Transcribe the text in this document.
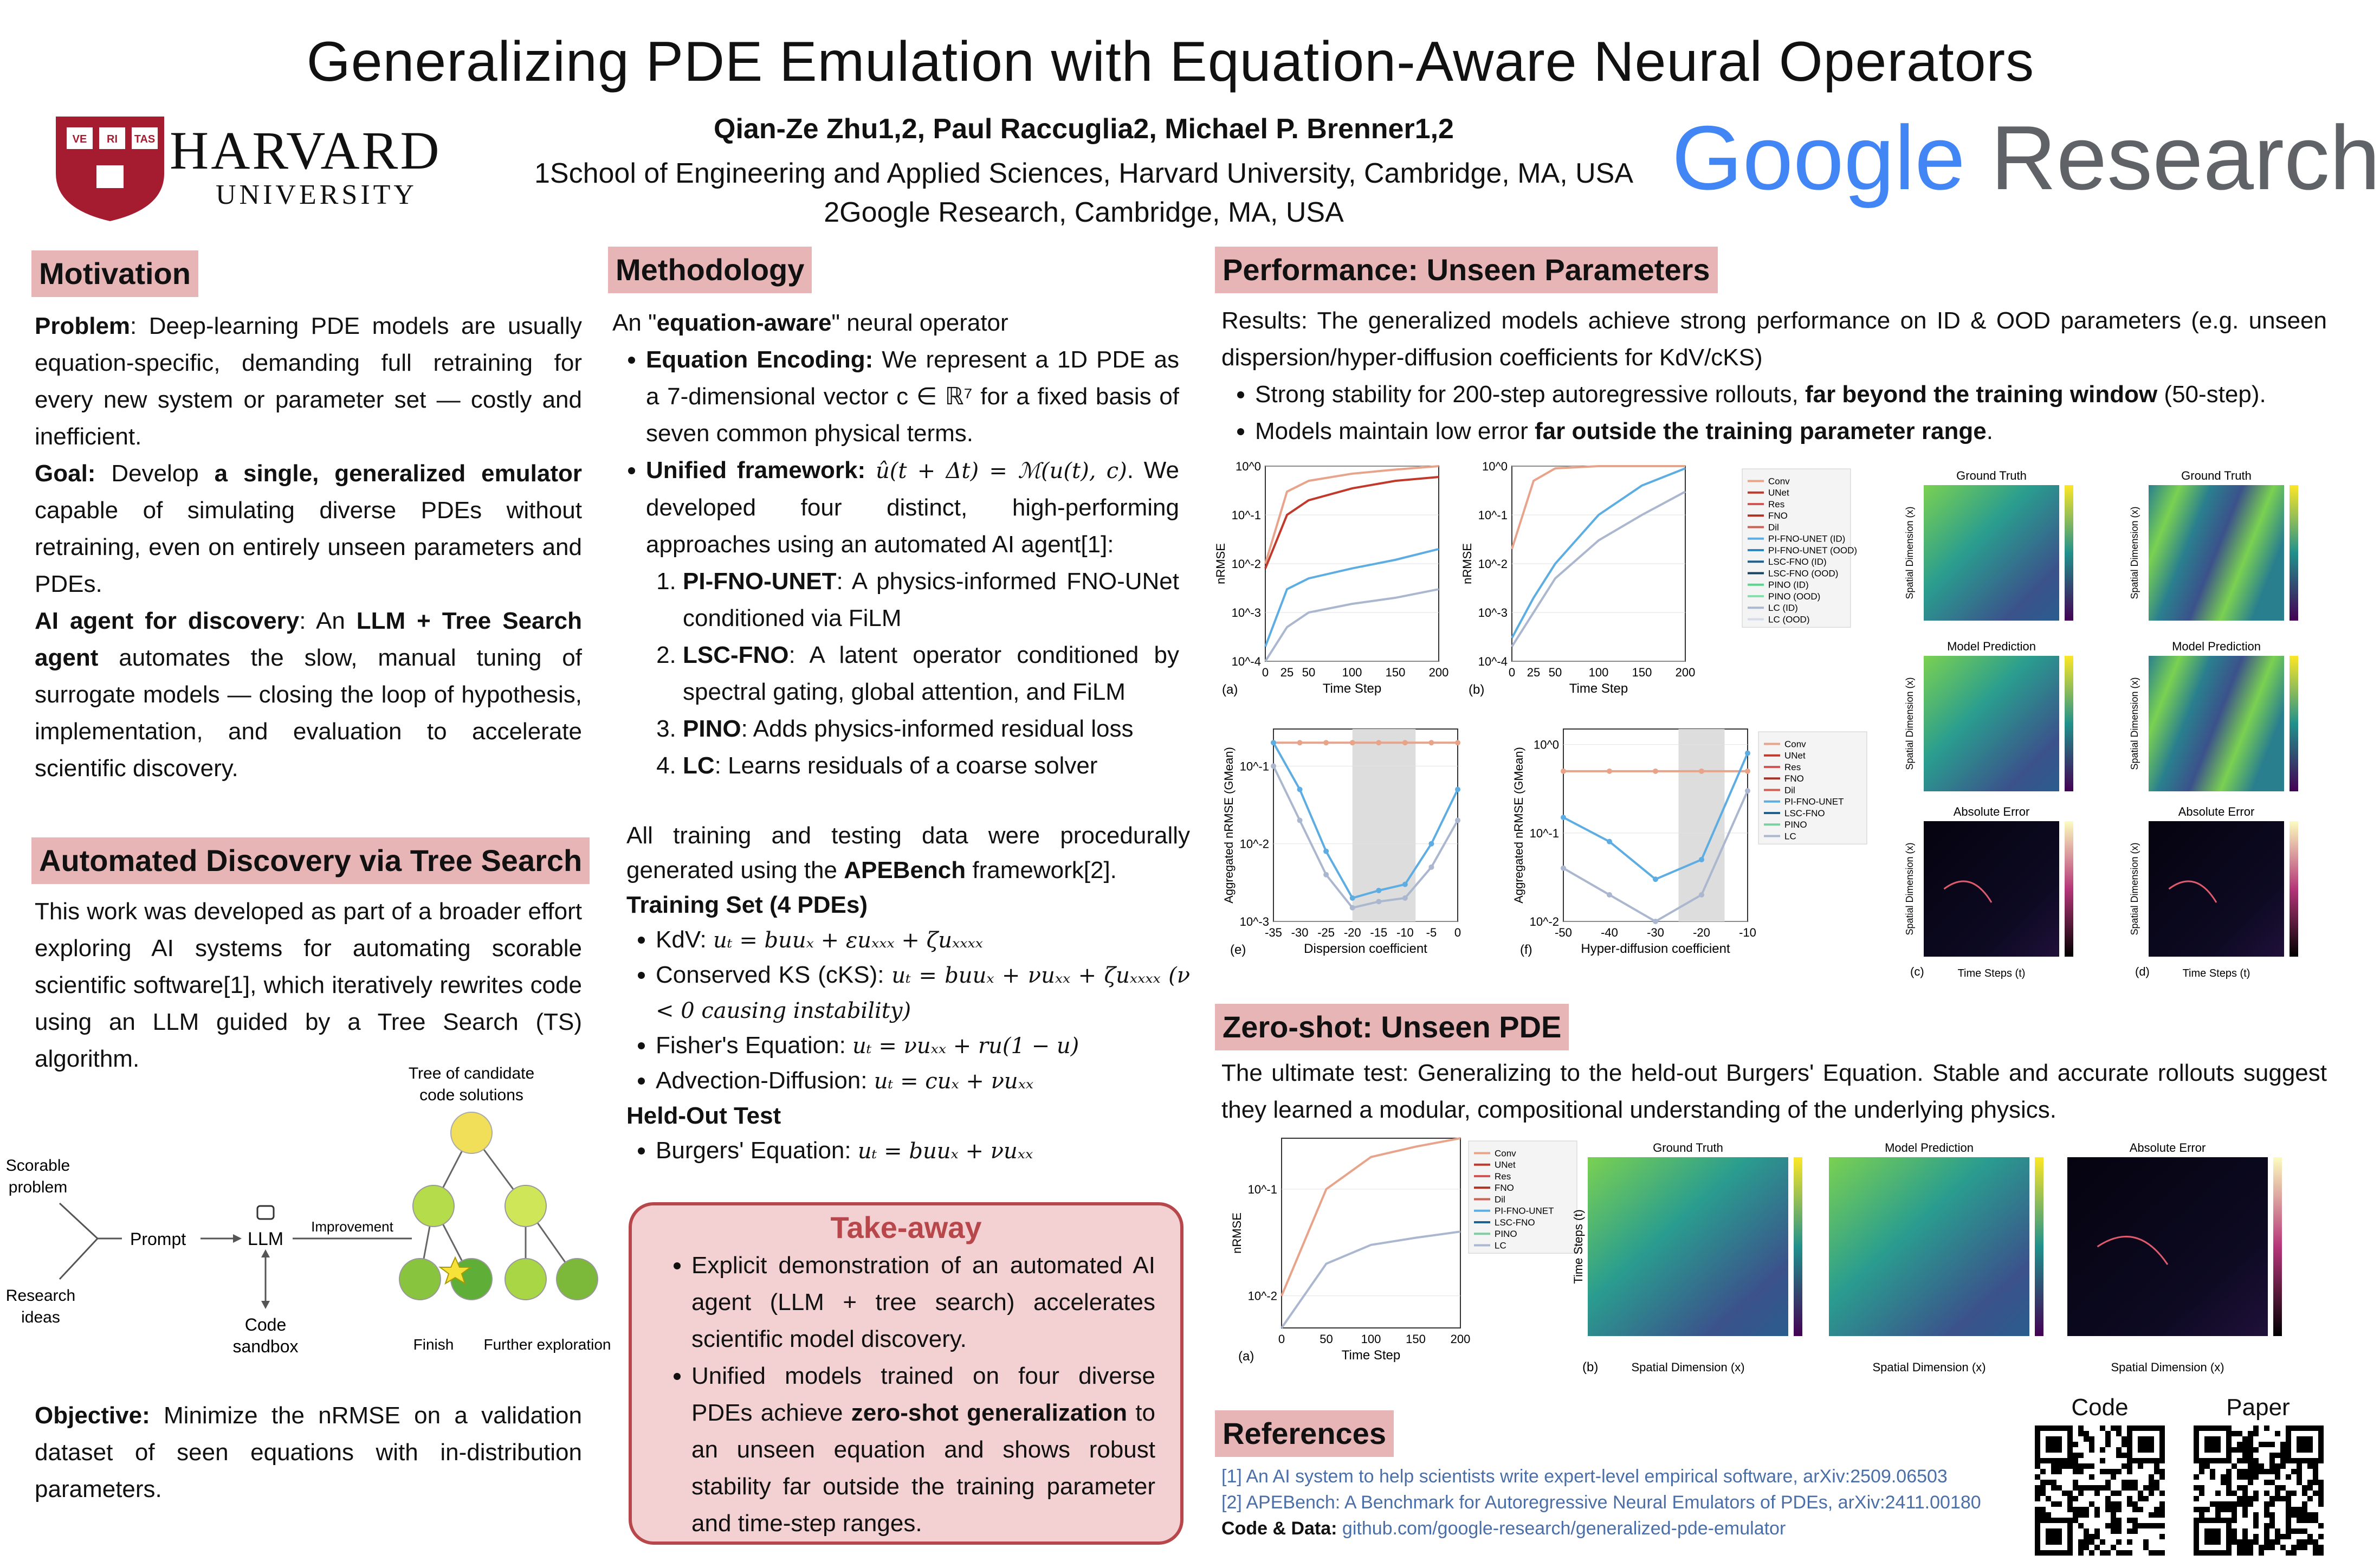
Generalizing PDE Emulation with Equation-Aware Neural Operators
VE RI TAS HARVARD
UNIVERSITY
Qian-Ze Zhu1,2, Paul Raccuglia2, Michael P. Brenner1,2
1School of Engineering and Applied Sciences, Harvard University, Cambridge, MA, USA
2Google Research, Cambridge, MA, USA
Google Research
Motivation
Problem: Deep-learning PDE models are usually equation-specific, demanding full retraining for every new system or parameter set — costly and inefficient.
Goal: Develop a single, generalized emulator capable of simulating diverse PDEs without retraining, even on entirely unseen parameters and PDEs.
AI agent for discovery: An LLM + Tree Search agent automates the slow, manual tuning of surrogate models — closing the loop of hypothesis, implementation, and evaluation to accelerate scientific discovery.
Automated Discovery via Tree Search
This work was developed as part of a broader effort exploring AI systems for automating scorable scientific software[1], which iteratively rewrites code using an LLM guided by a Tree Search (TS) algorithm.
Tree of candidate
code solutions
Scorable
problem
Research
ideas
Prompt	LLM
Code
sandbox
Improvement
Finish Further exploration
Objective: Minimize the nRMSE on a validation dataset of seen equations with in-distribution parameters.
Methodology
An "equation-aware" neural operator
• Equation Encoding: We represent a 1D PDE as a 7-dimensional vector c ∈ ℝ⁷ for a fixed basis of seven common physical terms.
• Unified framework: û(t + Δt) = ℳ(u(t), c). We developed four distinct, high-performing approaches using an automated AI agent[1]:
1. PI-FNO-UNET: A physics-informed FNO-UNet conditioned via FiLM
2. LSC-FNO: A latent operator conditioned by spectral gating, global attention, and FiLM
3. PINO: Adds physics-informed residual loss
4. LC: Learns residuals of a coarse solver
All training and testing data were procedurally generated using the APEBench framework[2].
Training Set (4 PDEs)
• KdV: uₜ = buuₓ + εuₓₓₓ + ζuₓₓₓₓ
• Conserved KS (cKS): uₜ = buuₓ + νuₓₓ + ζuₓₓₓₓ (ν < 0 causing instability)
• Fisher's Equation: uₜ = νuₓₓ + ru(1 − u)
• Advection-Diffusion: uₜ = cuₓ + νuₓₓ
Held-Out Test
• Burgers' Equation: uₜ = buuₓ + νuₓₓ
Take-away
• Explicit demonstration of an automated AI agent (LLM + tree search) accelerates scientific model discovery.
• Unified models trained on four diverse PDEs achieve zero-shot generalization to an unseen equation and shows robust stability far outside the training parameter and time-step ranges.
Performance: Unseen Parameters
Results: The generalized models achieve strong performance on ID & OOD parameters (e.g. unseen dispersion/hyper-diffusion coefficients for KdV/cKS)
• Strong stability for 200-step autoregressive rollouts, far beyond the training window (50-step).
• Models maintain low error far outside the training parameter range.
10^-4
10^-3
10^-2
10^-1
10^0
0 25 50 100 150 200
Time Step
nRMSE
(a)
10^-4
10^-3
10^-2
10^-1
10^0
0 25 50 100 150 200
Time Step
nRMSE
(b)
Conv
UNet
Res
FNO
Dil
PI-FNO-UNET (ID)
PI-FNO-UNET (OOD)
LSC-FNO (ID)
LSC-FNO (OOD)
PINO (ID)
PINO (OOD)
LC (ID)
LC (OOD)
10^-3
10^-2
10^-1
-35 -30 -25 -20 -15 -10 -5 0
Dispersion coefficient
Aggregated nRMSE (GMean)
(e)
10^-2
10^-1
10^0
-50 -40 -30 -20 -10
Hyper-diffusion coefficient
Aggregated nRMSE (GMean)
(f)
Conv
UNet
Res
FNO
Dil
PI-FNO-UNET
LSC-FNO
PINO
LC
Ground Truth
Model Prediction
Absolute Error
Ground Truth
Model Prediction
Absolute Error
(c)	(d)
Time Steps (t)	Time Steps (t)
Spatial Dimension (x)
Spatial Dimension (x)
Spatial Dimension (x)
Spatial Dimension (x)
Spatial Dimension (x)
Spatial Dimension (x)
Zero-shot: Unseen PDE
The ultimate test: Generalizing to the held-out Burgers' Equation. Stable and accurate rollouts suggest they learned a modular, compositional understanding of the underlying physics.
10^-2
10^-1
0	50 100 150 200
Time Step
nRMSE
(a)
Conv
UNet
Res
FNO
Dil
PI-FNO-UNET
LSC-FNO
PINO
LC
Ground Truth	Model Prediction	Absolute Error
(b)	Spatial Dimension (x)	Spatial Dimension (x)	Spatial Dimension (x)
Time Steps (t)
References
[1] An AI system to help scientists write expert-level empirical software, arXiv:2509.06503
[2] APEBench: A Benchmark for Autoregressive Neural Emulators of PDEs, arXiv:2411.00180
Code & Data: github.com/google-research/generalized-pde-emulator
Code	Paper
